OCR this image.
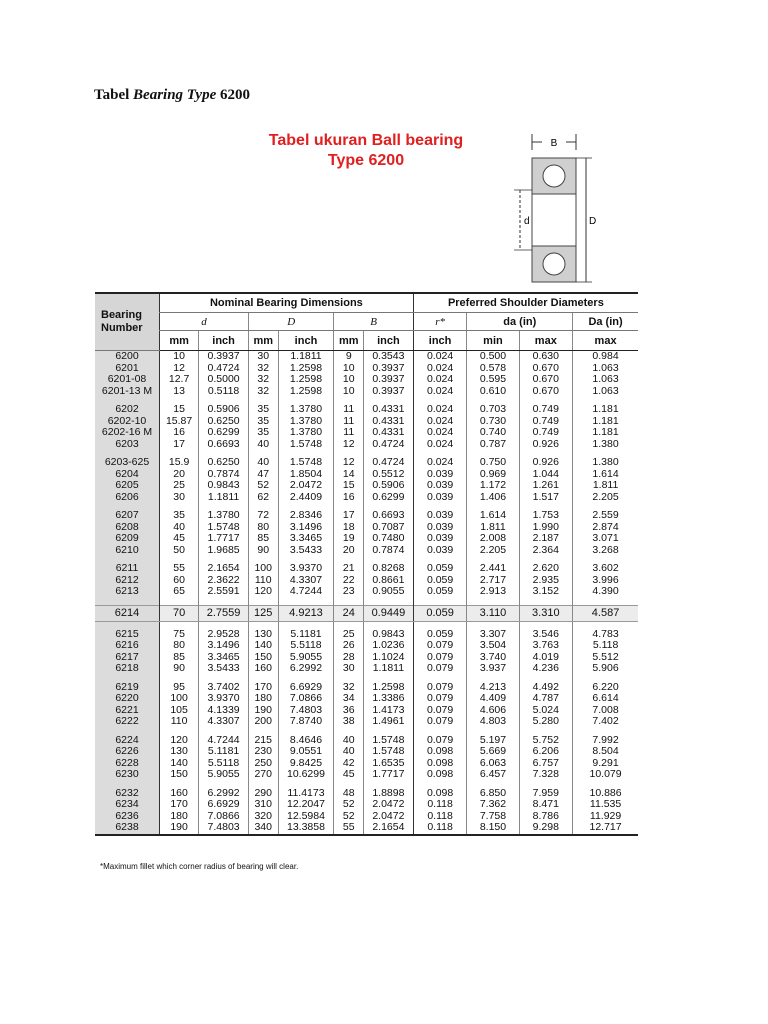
Tabel Bearing Type 6200
Tabel ukuran Ball bearing
Type 6200
B
d	D
Bearing
Number	Nominal Bearing Dimensions						Preferred Shoulder Diameters			
	d		D		B		r*	da (in)		Da (in)
	mm	inch	mm	inch	mm	inch	inch	min	max	max
6200	10	0.3937	30	1.1811	9	0.3543	0.024	0.500	0.630	0.984
6201	12	0.4724	32	1.2598	10	0.3937	0.024	0.578	0.670	1.063
6201-08	12.7	0.5000	32	1.2598	10	0.3937	0.024	0.595	0.670	1.063
6201-13 M	13	0.5118	32	1.2598	10	0.3937	0.024	0.610	0.670	1.063

6202	15	0.5906	35	1.3780	11	0.4331	0.024	0.703	0.749	1.181
6202-10	15.87	0.6250	35	1.3780	11	0.4331	0.024	0.730	0.749	1.181
6202-16 M	16	0.6299	35	1.3780	11	0.4331	0.024	0.740	0.749	1.181
6203	17	0.6693	40	1.5748	12	0.4724	0.024	0.787	0.926	1.380

6203-625	15.9	0.6250	40	1.5748	12	0.4724	0.024	0.750	0.926	1.380
6204	20	0.7874	47	1.8504	14	0.5512	0.039	0.969	1.044	1.614
6205	25	0.9843	52	2.0472	15	0.5906	0.039	1.172	1.261	1.811
6206	30	1.1811	62	2.4409	16	0.6299	0.039	1.406	1.517	2.205

6207	35	1.3780	72	2.8346	17	0.6693	0.039	1.614	1.753	2.559
6208	40	1.5748	80	3.1496	18	0.7087	0.039	1.811	1.990	2.874
6209	45	1.7717	85	3.3465	19	0.7480	0.039	2.008	2.187	3.071
6210	50	1.9685	90	3.5433	20	0.7874	0.039	2.205	2.364	3.268

6211	55	2.1654	100	3.9370	21	0.8268	0.059	2.441	2.620	3.602
6212	60	2.3622	110	4.3307	22	0.8661	0.059	2.717	2.935	3.996
6213	65	2.5591	120	4.7244	23	0.9055	0.059	2.913	3.152	4.390

6214	70	2.7559	125	4.9213	24	0.9449	0.059	3.110	3.310	4.587

6215	75	2.9528	130	5.1181	25	0.9843	0.059	3.307	3.546	4.783
6216	80	3.1496	140	5.5118	26	1.0236	0.079	3.504	3.763	5.118
6217	85	3.3465	150	5.9055	28	1.1024	0.079	3.740	4.019	5.512
6218	90	3.5433	160	6.2992	30	1.1811	0.079	3.937	4.236	5.906

6219	95	3.7402	170	6.6929	32	1.2598	0.079	4.213	4.492	6.220
6220	100	3.9370	180	7.0866	34	1.3386	0.079	4.409	4.787	6.614
6221	105	4.1339	190	7.4803	36	1.4173	0.079	4.606	5.024	7.008
6222	110	4.3307	200	7.8740	38	1.4961	0.079	4.803	5.280	7.402

6224	120	4.7244	215	8.4646	40	1.5748	0.079	5.197	5.752	7.992
6226	130	5.1181	230	9.0551	40	1.5748	0.098	5.669	6.206	8.504
6228	140	5.5118	250	9.8425	42	1.6535	0.098	6.063	6.757	9.291
6230	150	5.9055	270	10.6299	45	1.7717	0.098	6.457	7.328	10.079

6232	160	6.2992	290	11.4173	48	1.8898	0.098	6.850	7.959	10.886
6234	170	6.6929	310	12.2047	52	2.0472	0.118	7.362	8.471	11.535
6236	180	7.0866	320	12.5984	52	2.0472	0.118	7.758	8.786	11.929
6238	190	7.4803	340	13.3858	55	2.1654	0.118	8.150	9.298	12.717
*Maximum fillet which corner radius of bearing will clear.
